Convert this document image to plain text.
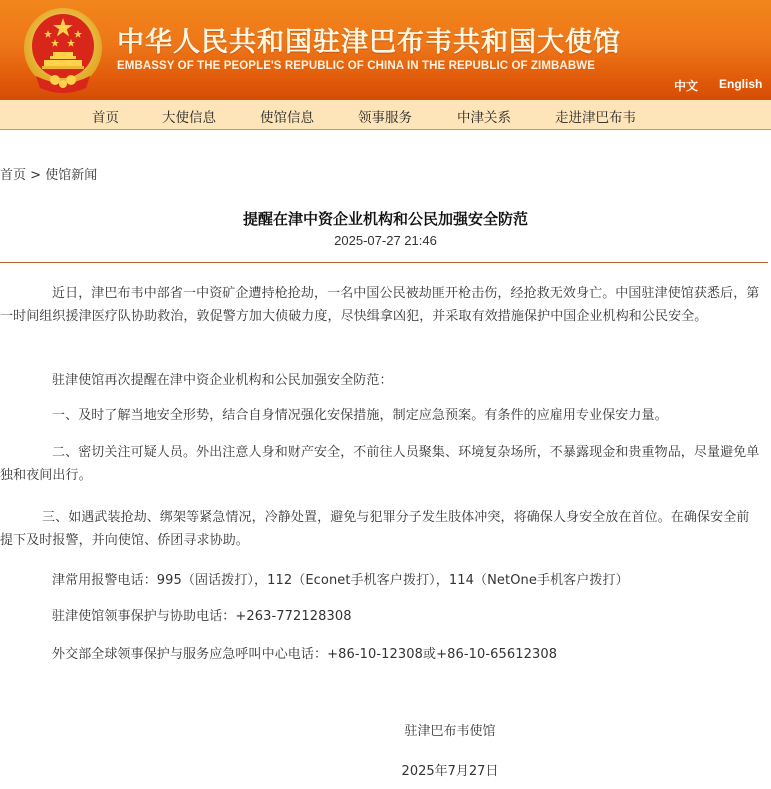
中华人民共和国驻津巴布韦共和国大使馆
EMBASSY OF THE PEOPLE'S REPUBLIC OF CHINA IN THE REPUBLIC OF ZIMBABWE
中文 English
首页	大使信息	使馆信息	领事服务	中津关系	走进津巴布韦
首页 > 使馆新闻
提醒在津中资企业机构和公民加强安全防范
2025-07-27 21:46

近日，津巴布韦中部省一中资矿企遭持枪抢劫，一名中国公民被劫匪开枪击伤，经抢救无效身亡。中国驻津使馆获悉后，第一时间组织援津医疗队协助救治，敦促警方加大侦破力度，尽快缉拿凶犯，并采取有效措施保护中国企业机构和公民安全。

驻津使馆再次提醒在津中资企业机构和公民加强安全防范：

一、及时了解当地安全形势，结合自身情况强化安保措施，制定应急预案。有条件的应雇用专业保安力量。

二、密切关注可疑人员。外出注意人身和财产安全，不前往人员聚集、环境复杂场所，不暴露现金和贵重物品，尽量避免单独和夜间出行。

三、如遇武装抢劫、绑架等紧急情况，冷静处置，避免与犯罪分子发生肢体冲突，将确保人身安全放在首位。在确保安全前提下及时报警，并向使馆、侨团寻求协助。

津常用报警电话：995（固话拨打），112（Econet手机客户拨打），114（NetOne手机客户拨打）

驻津使馆领事保护与协助电话：+263-772128308

外交部全球领事保护与服务应急呼叫中心电话：+86-10-12308或+86-10-65612308

驻津巴布韦使馆
2025年7月27日
